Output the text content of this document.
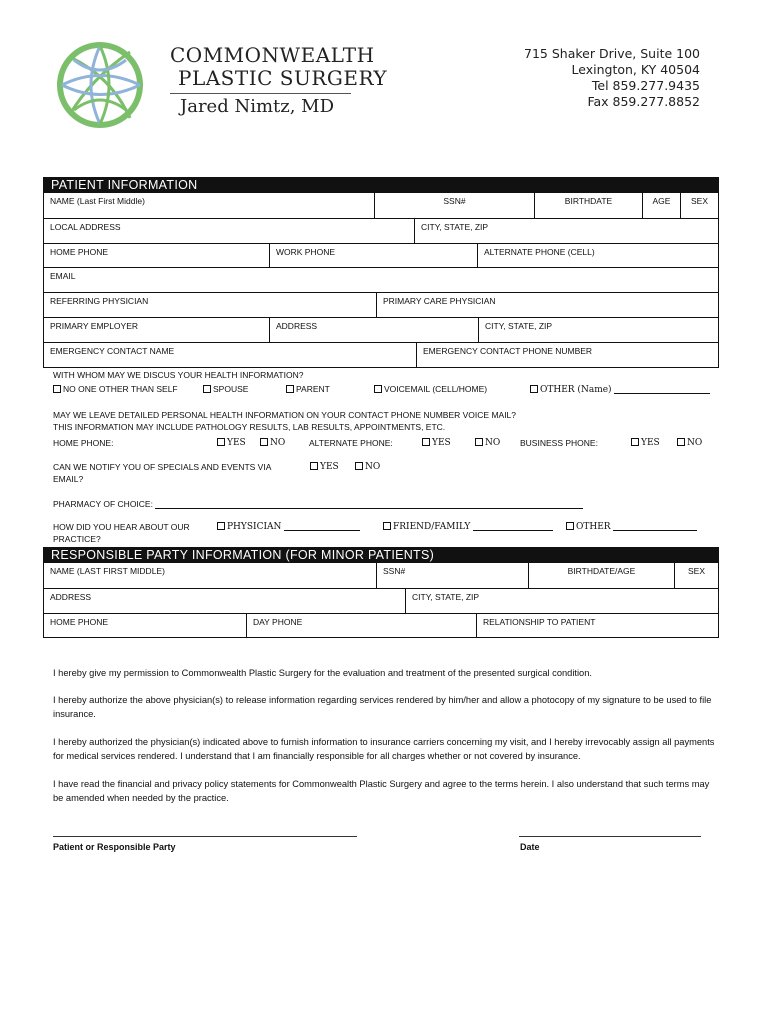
COMMONWEALTH
PLASTIC SURGERY
Jared Nimtz, MD
715 Shaker Drive, Suite 100
Lexington, KY 40504
Tel 859.277.9435
Fax 859.277.8852
PATIENT INFORMATION
NAME (Last First Middle)	SSN#	BIRTHDATE	AGE	SEX
LOCAL ADDRESS	CITY, STATE, ZIP
HOME PHONE	WORK PHONE	ALTERNATE PHONE (CELL)
EMAIL
REFERRING PHYSICIAN	PRIMARY CARE PHYSICIAN
PRIMARY EMPLOYER	ADDRESS	CITY, STATE, ZIP
EMERGENCY CONTACT NAME	EMERGENCY CONTACT PHONE NUMBER
WITH WHOM MAY WE DISCUS YOUR HEALTH INFORMATION?
NO ONE OTHER THAN SELF	SPOUSE	PARENT	VOICEMAIL (CELL/HOME)	OTHER (Name)
MAY WE LEAVE DETAILED PERSONAL HEALTH INFORMATION ON YOUR CONTACT PHONE NUMBER VOICE MAIL?
THIS INFORMATION MAY INCLUDE PATHOLOGY RESULTS, LAB RESULTS, APPOINTMENTS, ETC.
HOME PHONE:	YES	NO	ALTERNATE PHONE:	YES	NO BUSINESS PHONE:	YES	NO
CAN WE NOTIFY YOU OF SPECIALS AND EVENTS VIA
EMAIL?
YES	NO
PHARMACY OF CHOICE:
HOW DID YOU HEAR ABOUT OUR
PRACTICE?
PHYSICIAN	FRIEND/FAMILY	OTHER
RESPONSIBLE PARTY INFORMATION (FOR MINOR PATIENTS)
NAME (LAST FIRST MIDDLE)	SSN#	BIRTHDATE/AGE	SEX
ADDRESS	CITY, STATE, ZIP
HOME PHONE	DAY PHONE	RELATIONSHIP TO PATIENT
I hereby give my permission to Commonwealth Plastic Surgery for the evaluation and treatment of the presented surgical condition.
I hereby authorize the above physician(s) to release information regarding services rendered by him/her and allow a photocopy of my signature to be used to file insurance.
I hereby authorized the physician(s) indicated above to furnish information to insurance carriers concerning my visit, and I hereby irrevocably assign all payments for medical services rendered. I understand that I am financially responsible for all charges whether or not covered by insurance.
I have read the financial and privacy policy statements for Commonwealth Plastic Surgery and agree to the terms herein. I also understand that such terms may be amended when needed by the practice.
Patient or Responsible Party	Date
